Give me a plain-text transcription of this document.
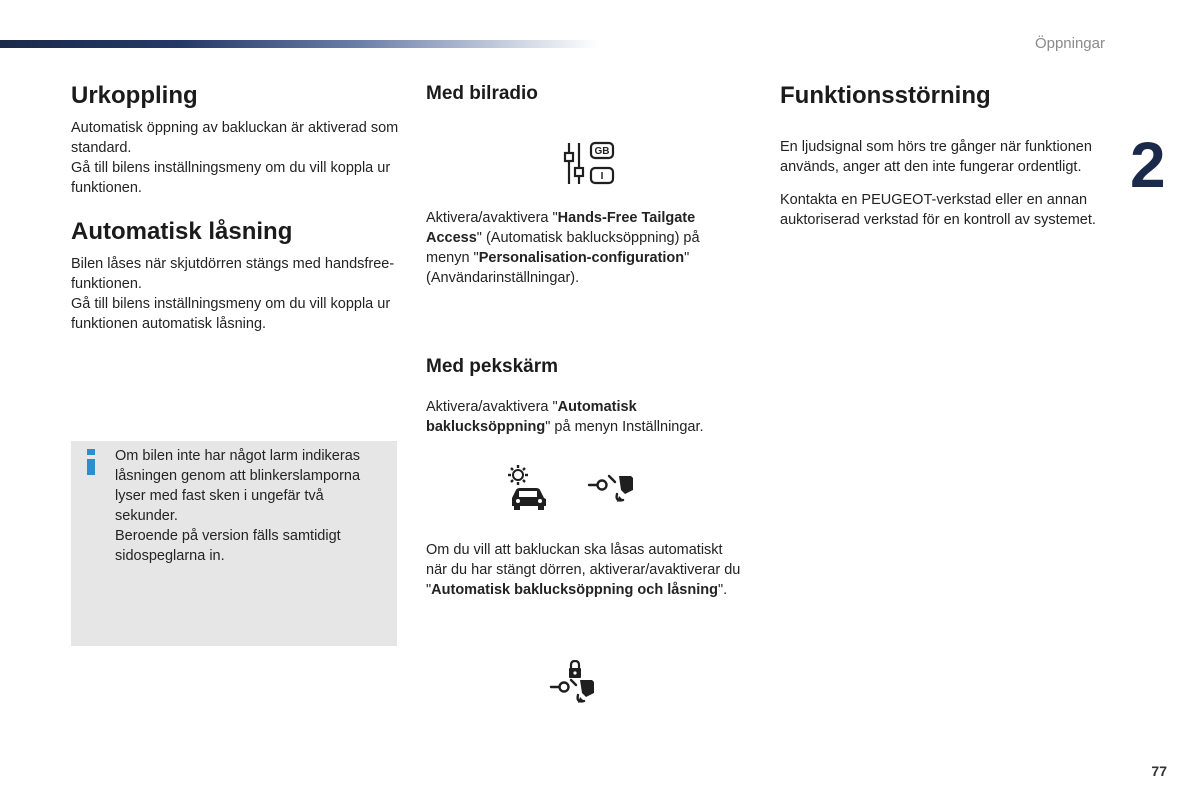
Öppningar
2
Urkoppling

Automatisk öppning av bakluckan är aktiverad som standard.

Gå till bilens inställningsmeny om du vill koppla ur funktionen.

Automatisk låsning

Bilen låses när skjutdörren stängs med handsfree-funktionen.

Gå till bilens inställningsmeny om du vill koppla ur funktionen automatisk låsning.

Om bilen inte har något larm indikeras låsningen genom att blinkerslamporna lyser med fast sken i ungefär två sekunder.
Beroende på version fälls samtidigt sidospeglarna in.

Med bilradio
GB
I

Aktivera/avaktivera "Hands-Free Tailgate Access" (Automatisk baklucksöppning) på menyn "Personalisation-configuration" (Användarinställningar).

Med pekskärm

Aktivera/avaktivera "Automatisk baklucksöppning" på menyn Inställningar.

Om du vill att bakluckan ska låsas automatiskt när du har stängt dörren, aktiverar/avaktiverar du "Automatisk baklucksöppning och låsning".

Funktionsstörning

En ljudsignal som hörs tre gånger när funktionen används, anger att den inte fungerar ordentligt.

Kontakta en PEUGEOT-verkstad eller en annan auktoriserad verkstad för en kontroll av systemet.

77
